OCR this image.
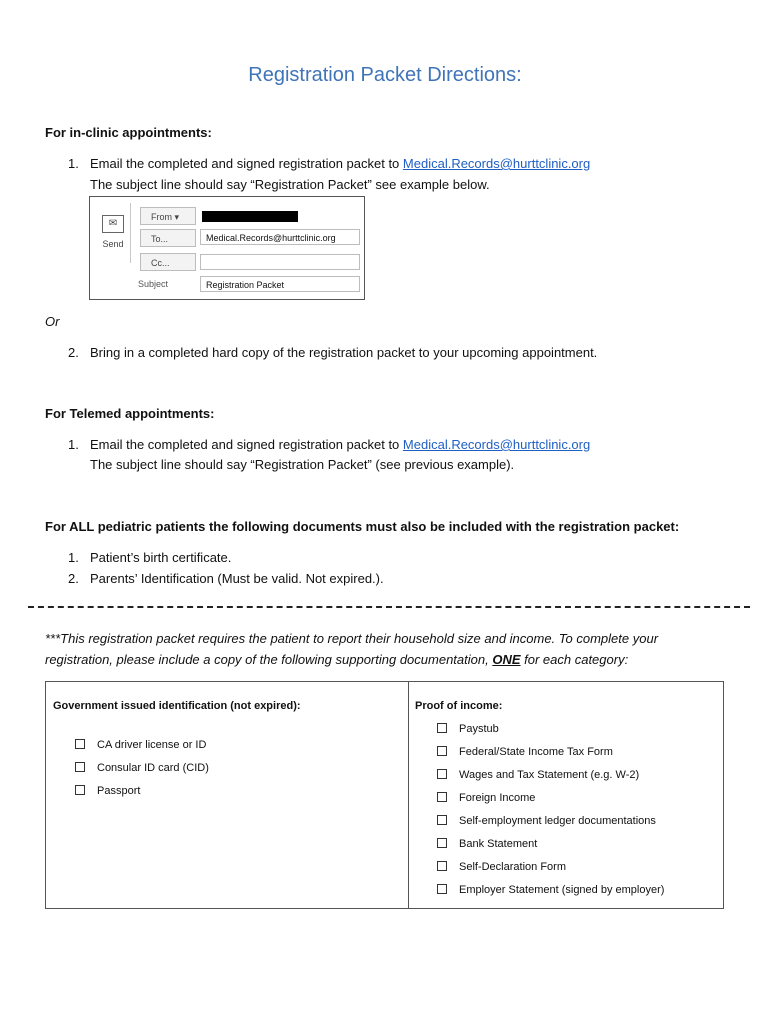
Registration Packet Directions:
For in-clinic appointments:
1. Email the completed and signed registration packet to Medical.Records@hurttclinic.org
The subject line should say “Registration Packet” see example below.
✉
Send
From ▾
To...	Medical.Records@hurttclinic.org
Cc...
Subject	Registration Packet
Or
2. Bring in a completed hard copy of the registration packet to your upcoming appointment.
For Telemed appointments:
1. Email the completed and signed registration packet to Medical.Records@hurttclinic.org
The subject line should say “Registration Packet” (see previous example).
For ALL pediatric patients the following documents must also be included with the registration packet:
1. Patient’s birth certificate.
2. Parents’ Identification (Must be valid. Not expired.).
***This registration packet requires the patient to report their household size and income. To complete your
registration, please include a copy of the following supporting documentation, ONE for each category:
Government issued identification (not expired):
CA driver license or ID
Consular ID card (CID)
Passport
Proof of income:
Paystub
Federal/State Income Tax Form
Wages and Tax Statement (e.g. W-2)
Foreign Income
Self-employment ledger documentations
Bank Statement
Self-Declaration Form
Employer Statement (signed by employer)
